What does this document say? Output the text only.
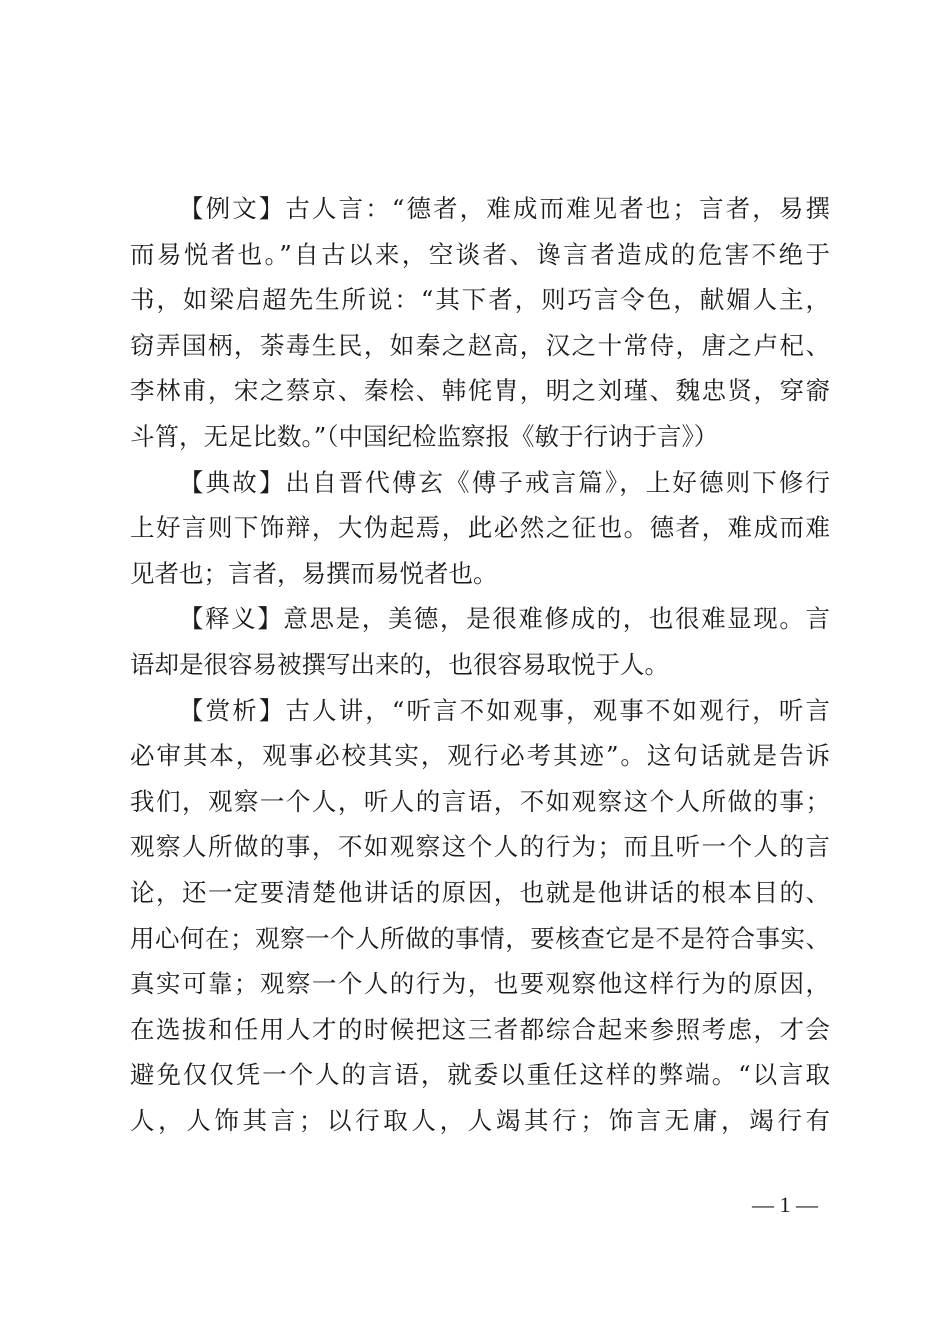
【例文】古人言：“德者，难成而难见者也；言者，易撰
而易悦者也。”自古以来，空谈者、谗言者造成的危害不绝于
书，如梁启超先生所说：“其下者，则巧言令色，献媚人主，
窃弄国柄，荼毒生民，如秦之赵高，汉之十常侍，唐之卢杞、
李林甫，宋之蔡京、秦桧、韩侂胄，明之刘瑾、魏忠贤，穿窬
斗筲，无足比数。”（中国纪检监察报《敏于行讷于言》）
【典故】出自晋代傅玄《傅子戒言篇》，上好德则下修行
上好言则下饰辩，大伪起焉，此必然之征也。德者，难成而难
见者也；言者，易撰而易悦者也。
【释义】意思是，美德，是很难修成的，也很难显现。言
语却是很容易被撰写出来的，也很容易取悦于人。
【赏析】古人讲，“听言不如观事，观事不如观行，听言
必审其本，观事必校其实，观行必考其迹”。这句话就是告诉
我们，观察一个人，听人的言语，不如观察这个人所做的事；
观察人所做的事，不如观察这个人的行为；而且听一个人的言
论，还一定要清楚他讲话的原因，也就是他讲话的根本目的、
用心何在；观察一个人所做的事情，要核查它是不是符合事实、
真实可靠；观察一个人的行为，也要观察他这样行为的原因，
在选拔和任用人才的时候把这三者都综合起来参照考虑，才会
避免仅仅凭一个人的言语，就委以重任这样的弊端。“以言取
人，人饰其言；以行取人，人竭其行；饰言无庸，竭行有
— 1 —
